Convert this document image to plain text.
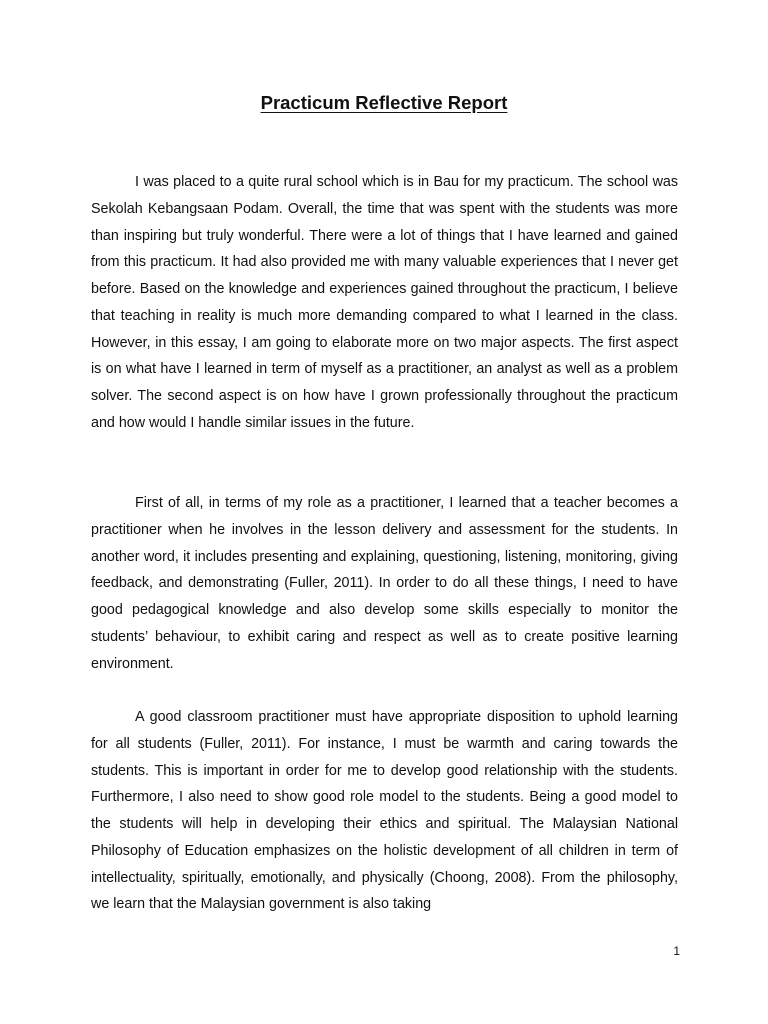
Practicum Reflective Report

I was placed to a quite rural school which is in Bau for my practicum. The school was Sekolah Kebangsaan Podam. Overall, the time that was spent with the students was more than inspiring but truly wonderful. There were a lot of things that I have learned and gained from this practicum. It had also provided me with many valuable experiences that I never get before. Based on the knowledge and experiences gained throughout the practicum, I believe that teaching in reality is much more demanding compared to what I learned in the class. However, in this essay, I am going to elaborate more on two major aspects. The first aspect is on what have I learned in term of myself as a practitioner, an analyst as well as a problem solver. The second aspect is on how have I grown professionally throughout the practicum and how would I handle similar issues in the future.

First of all, in terms of my role as a practitioner, I learned that a teacher becomes a practitioner when he involves in the lesson delivery and assessment for the students. In another word, it includes presenting and explaining, questioning, listening, monitoring, giving feedback, and demonstrating (Fuller, 2011). In order to do all these things, I need to have good pedagogical knowledge and also develop some skills especially to monitor the students’ behaviour, to exhibit caring and respect as well as to create positive learning environment.

A good classroom practitioner must have appropriate disposition to uphold learning for all students (Fuller, 2011). For instance, I must be warmth and caring towards the students. This is important in order for me to develop good relationship with the students. Furthermore, I also need to show good role model to the students. Being a good model to the students will help in developing their ethics and spiritual. The Malaysian National Philosophy of Education emphasizes on the holistic development of all children in term of intellectuality, spiritually, emotionally, and physically (Choong, 2008). From the philosophy, we learn that the Malaysian government is also taking

1
